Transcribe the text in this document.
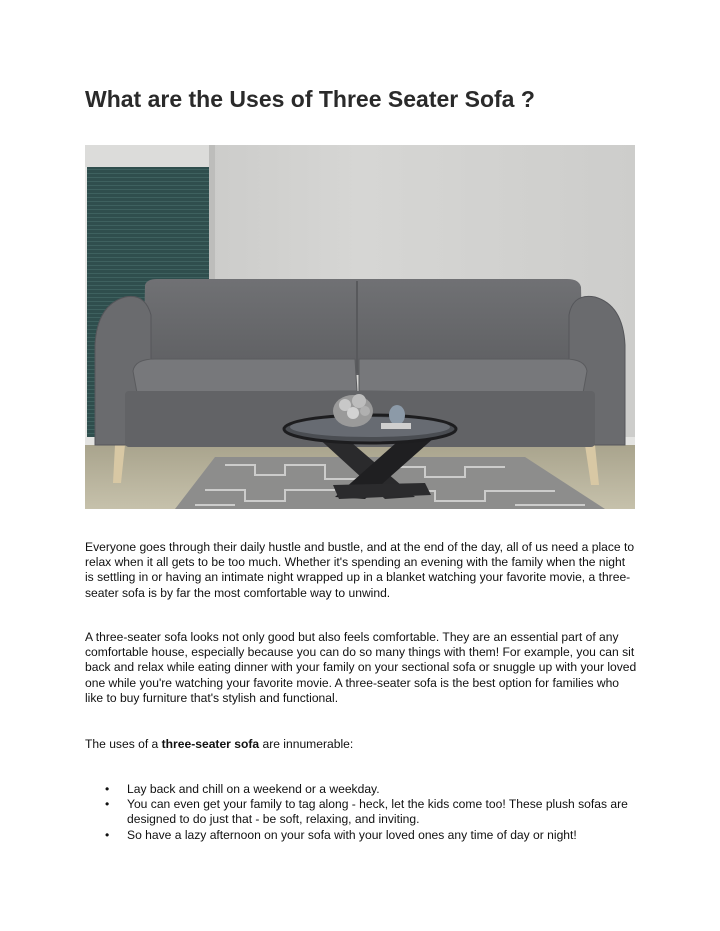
What are the Uses of Three Seater Sofa ?

Everyone goes through their daily hustle and bustle, and at the end of the day, all of us need a place to relax when it all gets to be too much. Whether it's spending an evening with the family when the night is settling in or having an intimate night wrapped up in a blanket watching your favorite movie, a three-seater sofa is by far the most comfortable way to unwind.

A three-seater sofa looks not only good but also feels comfortable. They are an essential part of any comfortable house, especially because you can do so many things with them! For example, you can sit back and relax while eating dinner with your family on your sectional sofa or snuggle up with your loved one while you're watching your favorite movie. A three-seater sofa is the best option for families who like to buy furniture that's stylish and functional.

The uses of a three-seater sofa are innumerable:

• Lay back and chill on a weekend or a weekday.
• You can even get your family to tag along - heck, let the kids come too! These plush sofas are designed to do just that - be soft, relaxing, and inviting.
• So have a lazy afternoon on your sofa with your loved ones any time of day or night!
